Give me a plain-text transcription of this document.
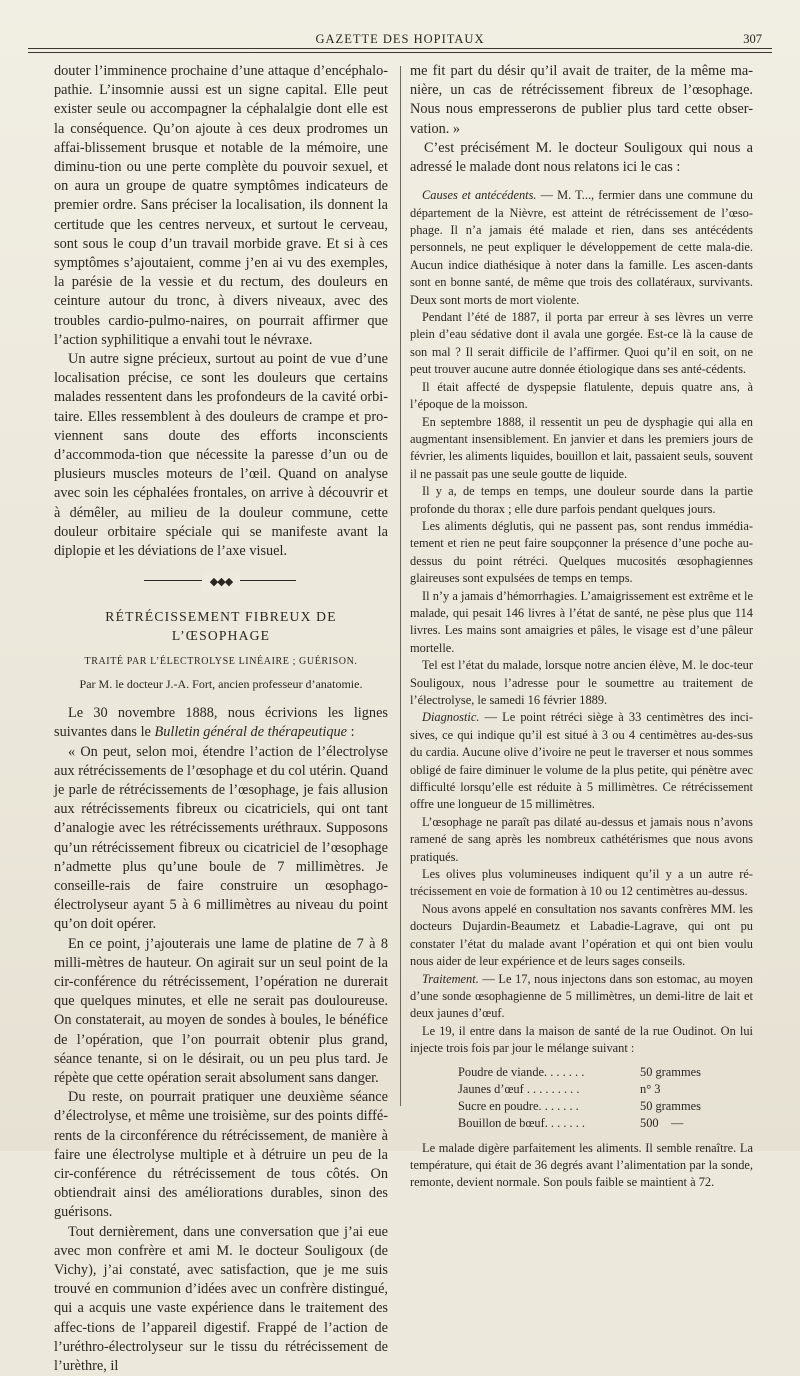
GAZETTE DES HOPITAUX	307

douter l’imminence prochaine d’une attaque d’encéphalo-pathie. L’insomnie aussi est un signe capital. Elle peut exister seule ou accompagner la céphalalgie dont elle est la conséquence. Qu’on ajoute à ces deux prodromes un affai-blissement brusque et notable de la mémoire, une diminu-tion ou une perte complète du pouvoir sexuel, et on aura un groupe de quatre symptômes indicateurs de premier ordre. Sans préciser la localisation, ils donnent la certitude que les centres nerveux, et surtout le cerveau, sont sous le coup d’un travail morbide grave. Et si à ces symptômes s’ajoutaient, comme j’en ai vu des exemples, la parésie de la vessie et du rectum, des douleurs en ceinture autour du tronc, à divers niveaux, avec des troubles cardio-pulmo-naires, on pourrait affirmer que l’action syphilitique a envahi tout le névraxe.

Un autre signe précieux, surtout au point de vue d’une localisation précise, ce sont les douleurs que certains malades ressentent dans les profondeurs de la cavité orbi-taire. Elles ressemblent à des douleurs de crampe et pro-viennent sans doute des efforts inconscients d’accommoda-tion que nécessite la paresse d’un ou de plusieurs muscles moteurs de l’œil. Quand on analyse avec soin les céphalées frontales, on arrive à découvrir et à démêler, au milieu de la douleur commune, cette douleur orbitaire spéciale qui se manifeste avant la diplopie et les déviations de l’axe visuel.

◆◆◆
RÉTRÉCISSEMENT FIBREUX DE L’ŒSOPHAGE
TRAITÉ PAR L’ÉLECTROLYSE LINÉAIRE ; GUÉRISON.
Par M. le docteur J.-A. Fort, ancien professeur d’anatomie.

Le 30 novembre 1888, nous écrivions les lignes suivantes dans le Bulletin général de thérapeutique :

« On peut, selon moi, étendre l’action de l’électrolyse aux rétrécissements de l’œsophage et du col utérin. Quand je parle de rétrécissements de l’œsophage, je fais allusion aux rétrécissements fibreux ou cicatriciels, qui ont tant d’analogie avec les rétrécissements uréthraux. Supposons qu’un rétrécissement fibreux ou cicatriciel de l’œsophage n’admette plus qu’une boule de 7 millimètres. Je conseille-rais de faire construire un œsophago-électrolyseur ayant 5 à 6 millimètres au niveau du point qu’on doit opérer.

En ce point, j’ajouterais une lame de platine de 7 à 8 milli-mètres de hauteur. On agirait sur un seul point de la cir-conférence du rétrécissement, l’opération ne durerait que quelques minutes, et elle ne serait pas douloureuse. On constaterait, au moyen de sondes à boules, le bénéfice de l’opération, que l’on pourrait obtenir plus grand, séance tenante, si on le désirait, ou un peu plus tard. Je répète que cette opération serait absolument sans danger.

Du reste, on pourrait pratiquer une deuxième séance d’électrolyse, et même une troisième, sur des points diffé-rents de la circonférence du rétrécissement, de manière à faire une électrolyse multiple et à détruire un peu de la cir-conférence du rétrécissement de tous côtés. On obtiendrait ainsi des améliorations durables, sinon des guérisons.

Tout dernièrement, dans une conversation que j’ai eue avec mon confrère et ami M. le docteur Souligoux (de Vichy), j’ai constaté, avec satisfaction, que je me suis trouvé en communion d’idées avec un confrère distingué, qui a acquis une vaste expérience dans le traitement des affec-tions de l’appareil digestif. Frappé de l’action de l’uréthro-électrolyseur sur le tissu du rétrécissement de l’urèthre, il

me fit part du désir qu’il avait de traiter, de la même ma-nière, un cas de rétrécissement fibreux de l’œsophage. Nous nous empresserons de publier plus tard cette obser-vation. »

C’est précisément M. le docteur Souligoux qui nous a adressé le malade dont nous relatons ici le cas :

Causes et antécédents. — M. T..., fermier dans une commune du département de la Nièvre, est atteint de rétrécissement de l’œso-phage. Il n’a jamais été malade et rien, dans ses antécédents personnels, ne peut expliquer le développement de cette mala-die. Aucun indice diathésique à noter dans la famille. Les ascen-dants sont en bonne santé, de même que trois des collatéraux, survivants. Deux sont morts de mort violente.

Pendant l’été de 1887, il porta par erreur à ses lèvres un verre plein d’eau sédative dont il avala une gorgée. Est-ce là la cause de son mal ? Il serait difficile de l’affirmer. Quoi qu’il en soit, on ne peut trouver aucune autre donnée étiologique dans ses anté-cédents.

Il était affecté de dyspepsie flatulente, depuis quatre ans, à l’époque de la moisson.

En septembre 1888, il ressentit un peu de dysphagie qui alla en augmentant insensiblement. En janvier et dans les premiers jours de février, les aliments liquides, bouillon et lait, passaient seuls, souvent il ne passait pas une seule goutte de liquide.

Il y a, de temps en temps, une douleur sourde dans la partie profonde du thorax ; elle dure parfois pendant quelques jours.

Les aliments déglutis, qui ne passent pas, sont rendus immédia-tement et rien ne peut faire soupçonner la présence d’une poche au-dessus du point rétréci. Quelques mucosités œsophagiennes glaireuses sont expulsées de temps en temps.

Il n’y a jamais d’hémorrhagies. L’amaigrissement est extrême et le malade, qui pesait 146 livres à l’état de santé, ne pèse plus que 114 livres. Les mains sont amaigries et pâles, le visage est d’une pâleur mortelle.

Tel est l’état du malade, lorsque notre ancien élève, M. le doc-teur Souligoux, nous l’adresse pour le soumettre au traitement de l’électrolyse, le samedi 16 février 1889.

Diagnostic. — Le point rétréci siège à 33 centimètres des inci-sives, ce qui indique qu’il est situé à 3 ou 4 centimètres au-des-sus du cardia. Aucune olive d’ivoire ne peut le traverser et nous sommes obligé de faire diminuer le volume de la plus petite, qui pénètre avec difficulté lorsqu’elle est réduite à 5 millimètres. Ce rétrécissement offre une longueur de 15 millimètres.

L’œsophage ne paraît pas dilaté au-dessus et jamais nous n’avons ramené de sang après les nombreux cathétérismes que nous avons pratiqués.

Les olives plus volumineuses indiquent qu’il y a un autre ré-trécissement en voie de formation à 10 ou 12 centimètres au-dessus.

Nous avons appelé en consultation nos savants confrères MM. les docteurs Dujardin-Beaumetz et Labadie-Lagrave, qui ont pu constater l’état du malade avant l’opération et qui ont bien voulu nous aider de leur expérience et de leurs sages conseils.

Traitement. — Le 17, nous injectons dans son estomac, au moyen d’une sonde œsophagienne de 5 millimètres, un demi-litre de lait et deux jaunes d’œuf.

Le 19, il entre dans la maison de santé de la rue Oudinot. On lui injecte trois fois par jour le mélange suivant :

Poudre de viande. . . . . . .	50 grammes
Jaunes d’œuf . . . . . . . . .	n° 3
Sucre en poudre. . . . . . .	50 grammes
Bouillon de bœuf. . . . . . .	500    —

Le malade digère parfaitement les aliments. Il semble renaître. La température, qui était de 36 degrés avant l’alimentation par la sonde, remonte, devient normale. Son pouls faible se maintient à 72.
